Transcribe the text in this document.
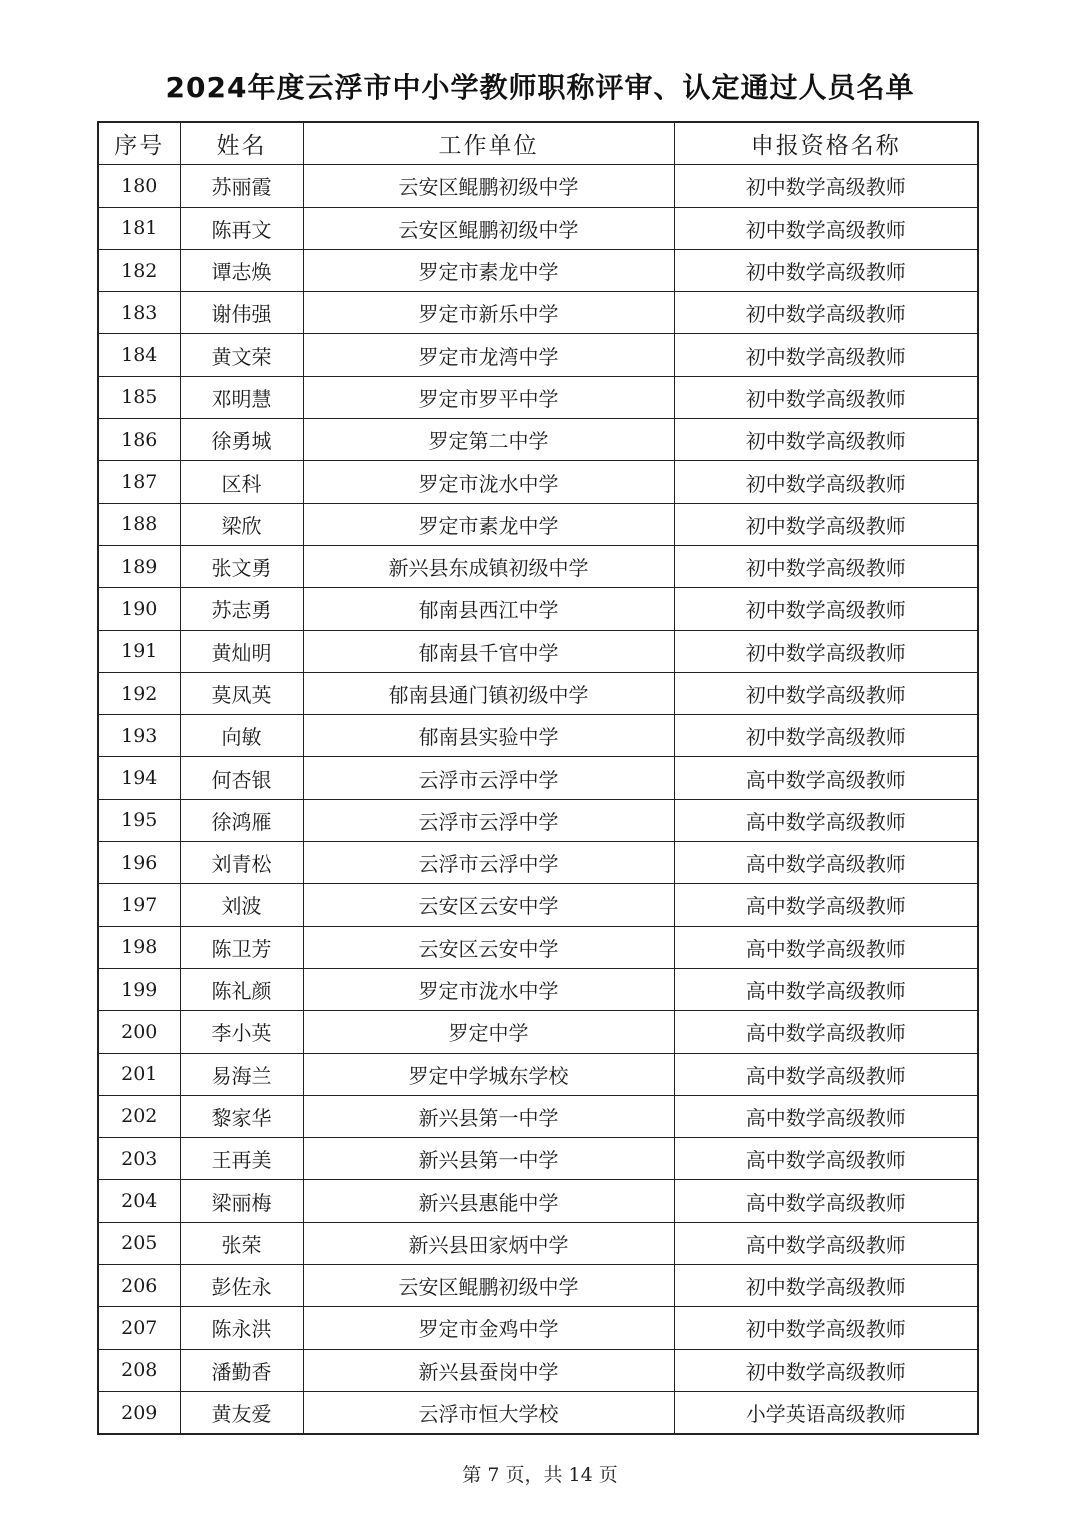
2024年度云浮市中小学教师职称评审、认定通过人员名单
序号	姓名	工作单位	申报资格名称
180	苏丽霞	云安区鲲鹏初级中学	初中数学高级教师
181	陈再文	云安区鲲鹏初级中学	初中数学高级教师
182	谭志焕	罗定市素龙中学	初中数学高级教师
183	谢伟强	罗定市新乐中学	初中数学高级教师
184	黄文荣	罗定市龙湾中学	初中数学高级教师
185	邓明慧	罗定市罗平中学	初中数学高级教师
186	徐勇城	罗定第二中学	初中数学高级教师
187	区科	罗定市泷水中学	初中数学高级教师
188	梁欣	罗定市素龙中学	初中数学高级教师
189	张文勇	新兴县东成镇初级中学	初中数学高级教师
190	苏志勇	郁南县西江中学	初中数学高级教师
191	黄灿明	郁南县千官中学	初中数学高级教师
192	莫凤英	郁南县通门镇初级中学	初中数学高级教师
193	向敏	郁南县实验中学	初中数学高级教师
194	何杏银	云浮市云浮中学	高中数学高级教师
195	徐鸿雁	云浮市云浮中学	高中数学高级教师
196	刘青松	云浮市云浮中学	高中数学高级教师
197	刘波	云安区云安中学	高中数学高级教师
198	陈卫芳	云安区云安中学	高中数学高级教师
199	陈礼颜	罗定市泷水中学	高中数学高级教师
200	李小英	罗定中学	高中数学高级教师
201	易海兰	罗定中学城东学校	高中数学高级教师
202	黎家华	新兴县第一中学	高中数学高级教师
203	王再美	新兴县第一中学	高中数学高级教师
204	梁丽梅	新兴县惠能中学	高中数学高级教师
205	张荣	新兴县田家炳中学	高中数学高级教师
206	彭佐永	云安区鲲鹏初级中学	初中数学高级教师
207	陈永洪	罗定市金鸡中学	初中数学高级教师
208	潘勤香	新兴县蚕岗中学	初中数学高级教师
209	黄友爱	云浮市恒大学校	小学英语高级教师
第 7 页，共 14 页
